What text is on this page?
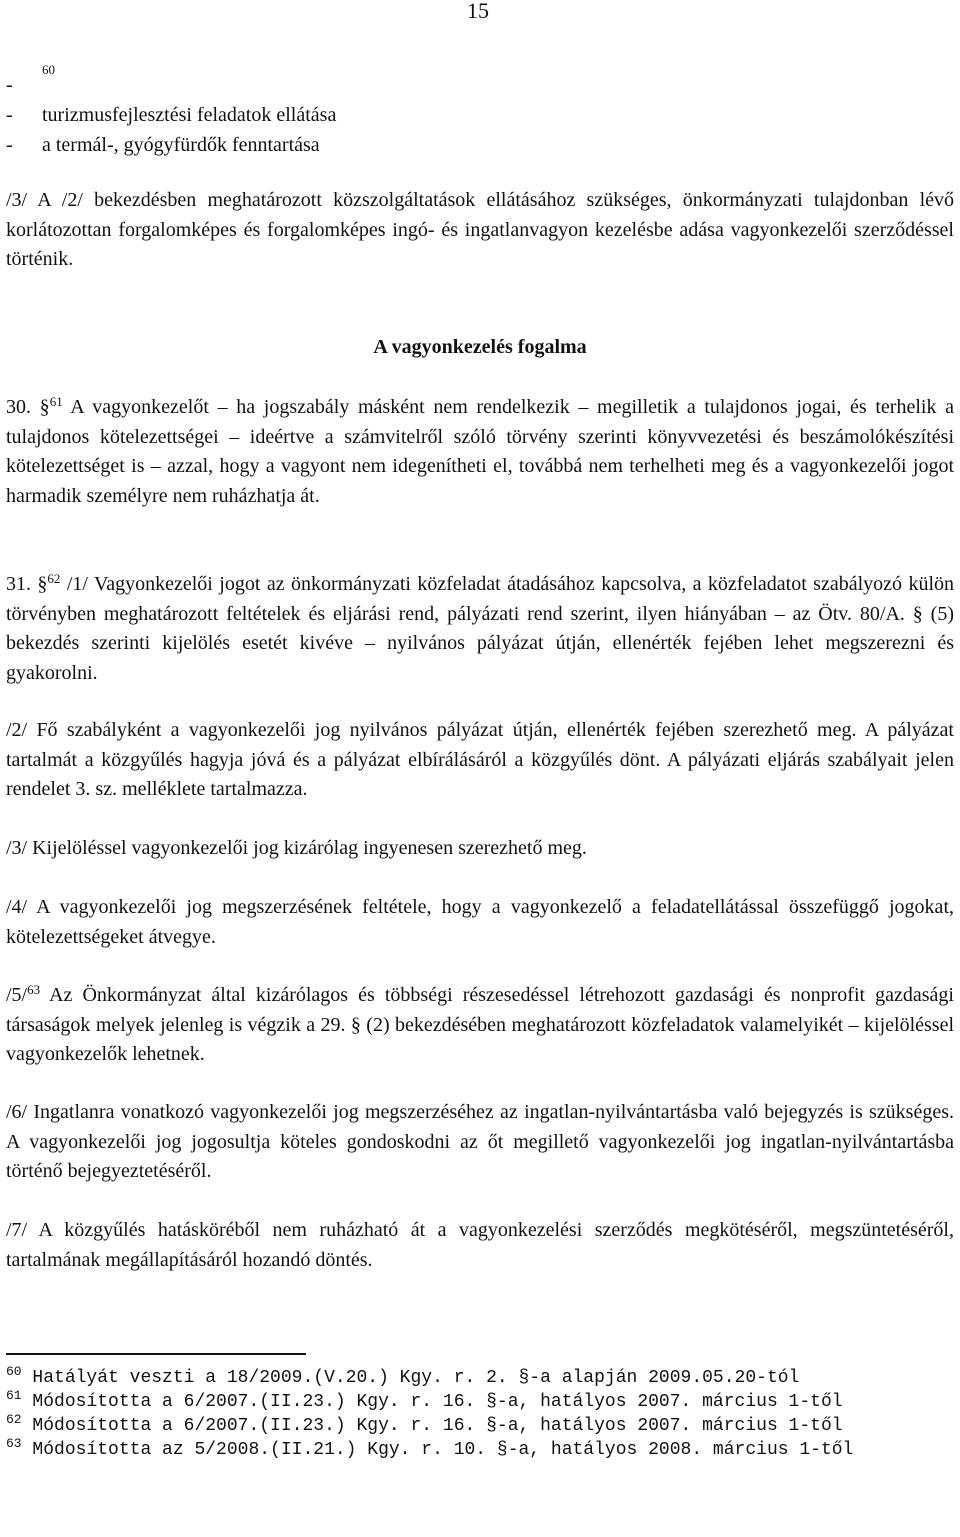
15
-
60
-	turizmusfejlesztési feladatok ellátása
-	a termál-, gyógyfürdők fenntartása

/3/ A /2/ bekezdésben meghatározott közszolgáltatások ellátásához szükséges, önkormányzati tulajdonban lévő korlátozottan forgalomképes és forgalomképes ingó- és ingatlanvagyon kezelésbe adása vagyonkezelői szerződéssel történik.

A vagyonkezelés fogalma

30. §$^{61}$ A vagyonkezelőt – ha jogszabály másként nem rendelkezik – megilletik a tulajdonos jogai, és terhelik a tulajdonos kötelezettségei – ideértve a számvitelről szóló törvény szerinti könyvvezetési és beszámolókészítési kötelezettséget is – azzal, hogy a vagyont nem idegenítheti el, továbbá nem terhelheti meg és a vagyonkezelői jogot harmadik személyre nem ruházhatja át.

31. §$^{62}$ /1/ Vagyonkezelői jogot az önkormányzati közfeladat átadásához kapcsolva, a közfeladatot szabályozó külön törvényben meghatározott feltételek és eljárási rend, pályázati rend szerint, ilyen hiányában – az Ötv. 80/A. § (5) bekezdés szerinti kijelölés esetét kivéve – nyilvános pályázat útján, ellenérték fejében lehet megszerezni és gyakorolni.

/2/ Fő szabályként a vagyonkezelői jog nyilvános pályázat útján, ellenérték fejében szerezhető meg. A pályázat tartalmát a közgyűlés hagyja jóvá és a pályázat elbírálásáról a közgyűlés dönt. A pályázati eljárás szabályait jelen rendelet 3. sz. melléklete tartalmazza.

/3/ Kijelöléssel vagyonkezelői jog kizárólag ingyenesen szerezhető meg.

/4/ A vagyonkezelői jog megszerzésének feltétele, hogy a vagyonkezelő a feladatellátással összefüggő jogokat, kötelezettségeket átvegye.

/5/$^{63}$ Az Önkormányzat által kizárólagos és többségi részesedéssel létrehozott gazdasági és nonprofit gazdasági társaságok melyek jelenleg is végzik a 29. § (2) bekezdésében meghatározott közfeladatok valamelyikét – kijelöléssel vagyonkezelők lehetnek.

/6/ Ingatlanra vonatkozó vagyonkezelői jog megszerzéséhez az ingatlan-nyilvántartásba való bejegyzés is szükséges. A vagyonkezelői jog jogosultja köteles gondoskodni az őt megillető vagyonkezelői jog ingatlan-nyilvántartásba történő bejegyeztetéséről.

/7/ A közgyűlés hatásköréből nem ruházható át a vagyonkezelési szerződés megkötéséről, megszüntetéséről, tartalmának megállapításáról hozandó döntés.

$^{60}$ Hatályát veszti a 18/2009.(V.20.) Kgy. r. 2. §-a alapján 2009.05.20-tól

$^{61}$ Módosította a 6/2007.(II.23.) Kgy. r. 16. §-a, hatályos 2007. március 1-től

$^{62}$ Módosította a 6/2007.(II.23.) Kgy. r. 16. §-a, hatályos 2007. március 1-től

$^{63}$ Módosította az 5/2008.(II.21.) Kgy. r. 10. §-a, hatályos 2008. március 1-től
